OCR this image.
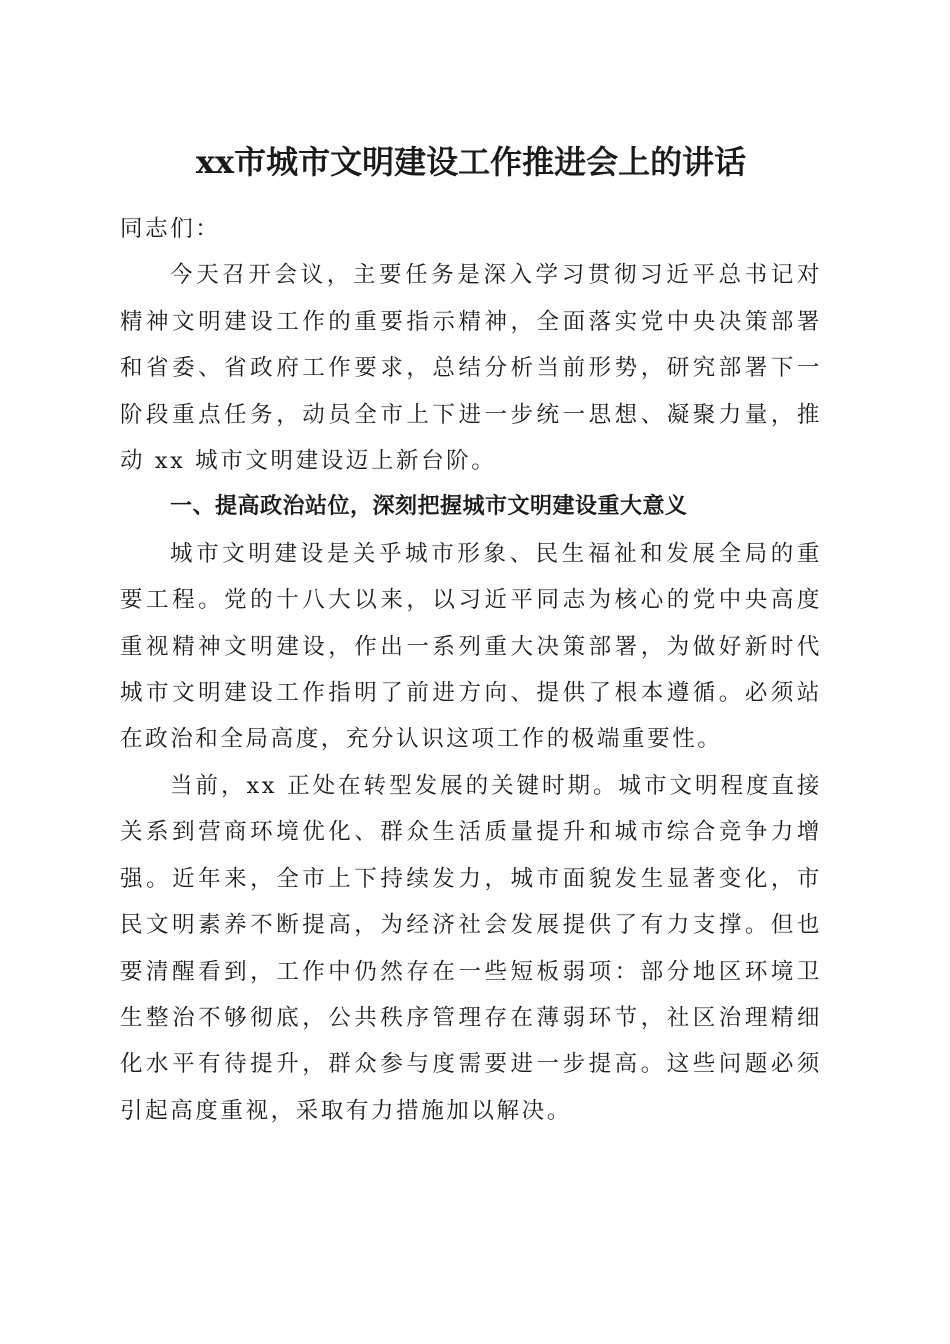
xx市城市文明建设工作推进会上的讲话

同志们：

今天召开会议，主要任务是深入学习贯彻习近平总书记对精神文明建设工作的重要指示精神，全面落实党中央决策部署和省委、省政府工作要求，总结分析当前形势，研究部署下一阶段重点任务，动员全市上下进一步统一思想、凝聚力量，推动 xx 城市文明建设迈上新台阶。

一、提高政治站位，深刻把握城市文明建设重大意义

城市文明建设是关乎城市形象、民生福祉和发展全局的重要工程。党的十八大以来，以习近平同志为核心的党中央高度重视精神文明建设，作出一系列重大决策部署，为做好新时代城市文明建设工作指明了前进方向、提供了根本遵循。必须站在政治和全局高度，充分认识这项工作的极端重要性。

当前，xx 正处在转型发展的关键时期。城市文明程度直接关系到营商环境优化、群众生活质量提升和城市综合竞争力增强。近年来，全市上下持续发力，城市面貌发生显著变化，市民文明素养不断提高，为经济社会发展提供了有力支撑。但也要清醒看到，工作中仍然存在一些短板弱项：部分地区环境卫生整治不够彻底，公共秩序管理存在薄弱环节，社区治理精细化水平有待提升，群众参与度需要进一步提高。这些问题必须引起高度重视，采取有力措施加以解决。
